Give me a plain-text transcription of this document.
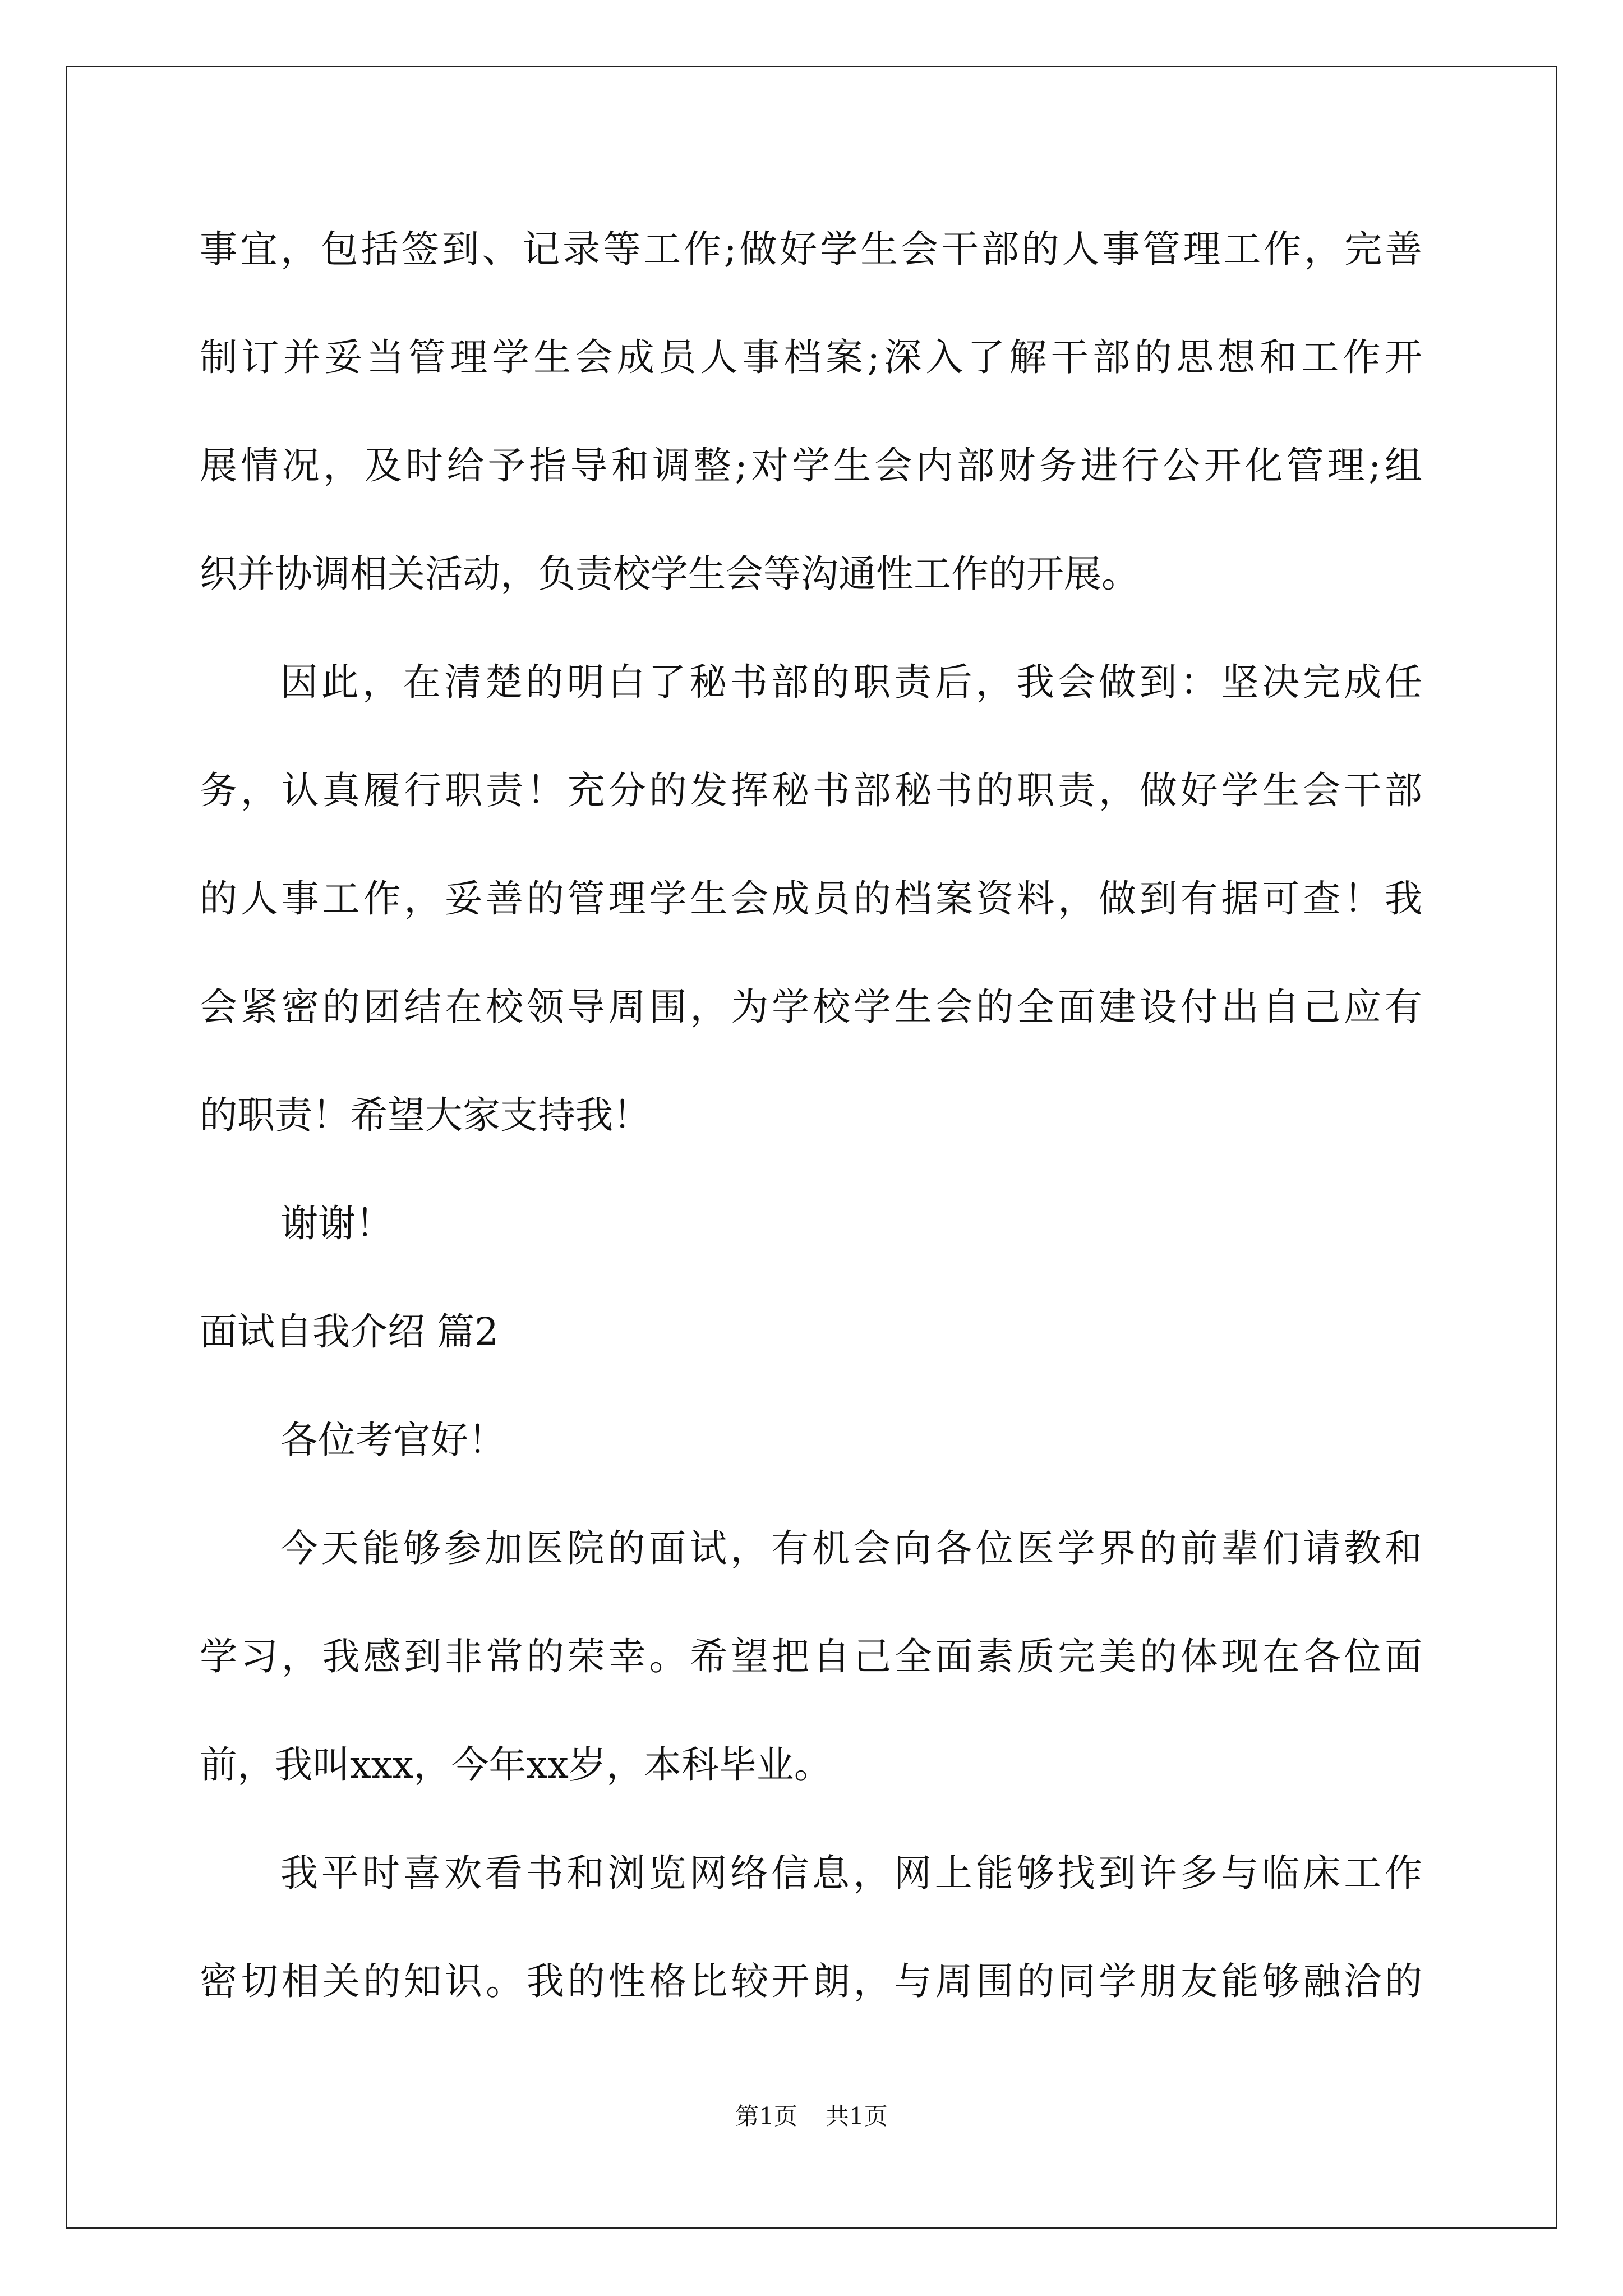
事宜，包括签到、记录等工作;做好学生会干部的人事管理工作，完善
制订并妥当管理学生会成员人事档案;深入了解干部的思想和工作开
展情况，及时给予指导和调整;对学生会内部财务进行公开化管理;组
织并协调相关活动，负责校学生会等沟通性工作的开展。
因此，在清楚的明白了秘书部的职责后，我会做到：坚决完成任
务，认真履行职责！充分的发挥秘书部秘书的职责，做好学生会干部
的人事工作，妥善的管理学生会成员的档案资料，做到有据可查！我
会紧密的团结在校领导周围，为学校学生会的全面建设付出自己应有
的职责！希望大家支持我！
谢谢！
面试自我介绍 篇2
各位考官好！
今天能够参加医院的面试，有机会向各位医学界的前辈们请教和
学习，我感到非常的荣幸。希望把自己全面素质完美的体现在各位面
前，我叫xxx，今年xx岁，本科毕业。
我平时喜欢看书和浏览网络信息，网上能够找到许多与临床工作
密切相关的知识。我的性格比较开朗，与周围的同学朋友能够融洽的
第1页 共1页
